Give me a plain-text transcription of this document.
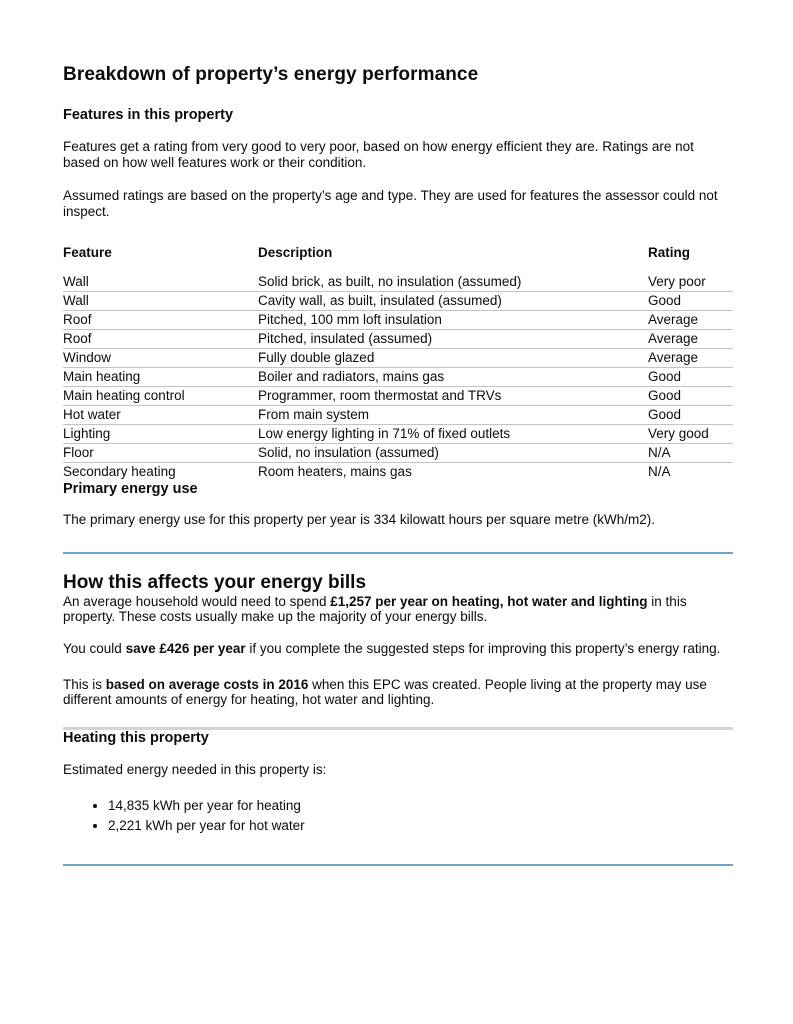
Breakdown of property’s energy performance
Features in this property

Features get a rating from very good to very poor, based on how energy efficient they are. Ratings are not based on how well features work or their condition.

Assumed ratings are based on the property’s age and type. They are used for features the assessor could not inspect.

Feature	Description	Rating
Wall	Solid brick, as built, no insulation (assumed)	Very poor
Wall	Cavity wall, as built, insulated (assumed)	Good
Roof	Pitched, 100 mm loft insulation	Average
Roof	Pitched, insulated (assumed)	Average
Window	Fully double glazed	Average
Main heating	Boiler and radiators, mains gas	Good
Main heating control	Programmer, room thermostat and TRVs	Good
Hot water	From main system	Good
Lighting	Low energy lighting in 71% of fixed outlets	Very good
Floor	Solid, no insulation (assumed)	N/A
Secondary heating	Room heaters, mains gas	N/A
Primary energy use

The primary energy use for this property per year is 334 kilowatt hours per square metre (kWh/m2).

How this affects your energy bills

An average household would need to spend £1,257 per year on heating, hot water and lighting in this property. These costs usually make up the majority of your energy bills.

You could save £426 per year if you complete the suggested steps for improving this property’s energy rating.

This is based on average costs in 2016 when this EPC was created. People living at the property may use different amounts of energy for heating, hot water and lighting.

Heating this property

Estimated energy needed in this property is:

• 14,835 kWh per year for heating
• 2,221 kWh per year for hot water
